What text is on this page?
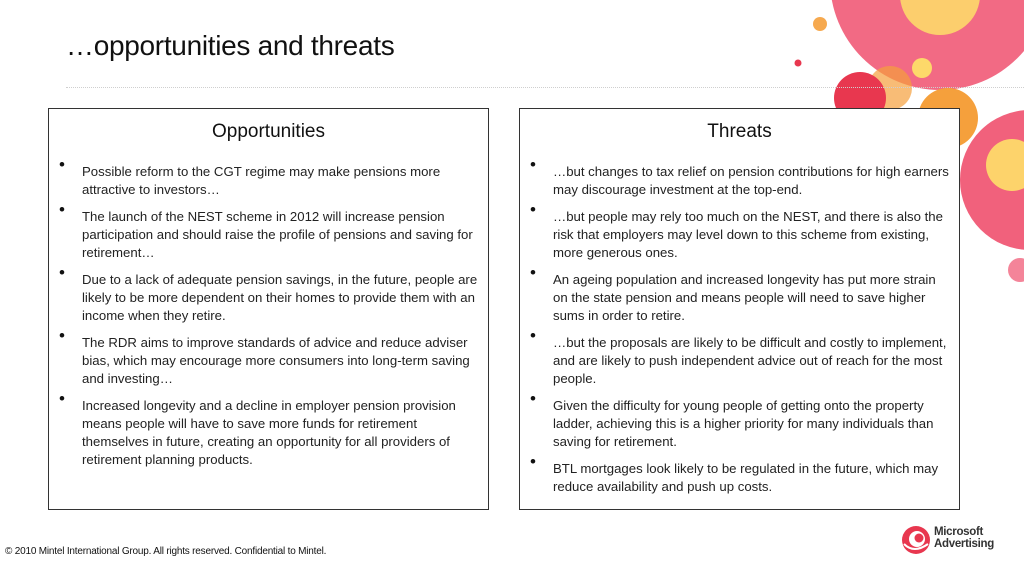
…opportunities and threats
Opportunities
• Possible reform to the CGT regime may make pensions more attractive to investors…
• The launch of the NEST scheme in 2012 will increase pension participation and should raise the profile of pensions and saving for retirement…
• Due to a lack of adequate pension savings, in the future, people are likely to be more dependent on their homes to provide them with an income when they retire.
• The RDR aims to improve standards of advice and reduce adviser bias, which may encourage more consumers into long-term saving and investing…
• Increased longevity and a decline in employer pension provision means people will have to save more funds for retirement themselves in future, creating an opportunity for all providers of retirement planning products.
Threats
• …but changes to tax relief on pension contributions for high earners may discourage investment at the top-end.
• …but people may rely too much on the NEST, and there is also the risk that employers may level down to this scheme from existing, more generous ones.
• An ageing population and increased longevity has put more strain on the state pension and means people will need to save higher sums in order to retire.
• …but the proposals are likely to be difficult and costly to implement, and are likely to push independent advice out of reach for the most people.
• Given the difficulty for young people of getting onto the property ladder, achieving this is a higher priority for many individuals than saving for retirement.
• BTL mortgages look likely to be regulated in the future, which may reduce availability and push up costs.
© 2010 Mintel International Group. All rights reserved. Confidential to Mintel.
Microsoft
Advertising
